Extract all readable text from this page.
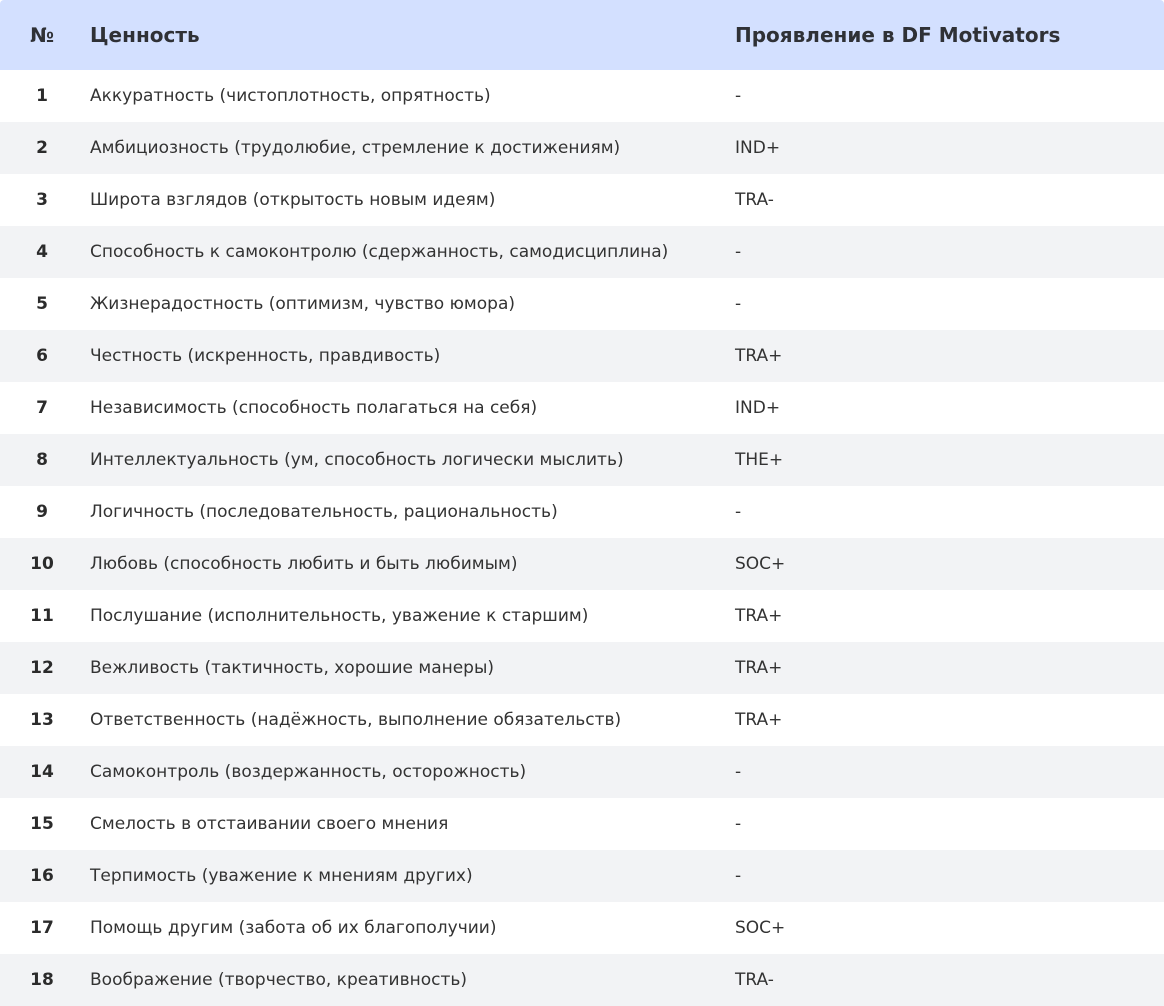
№	Ценность	Проявление в DF Motivators
1	Аккуратность (чистоплотность, опрятность)	-
2	Амбициозность (трудолюбие, стремление к достижениям)	IND+
3	Широта взглядов (открытость новым идеям)	TRA-
4	Способность к самоконтролю (сдержанность, самодисциплина)	-
5	Жизнерадостность (оптимизм, чувство юмора)	-
6	Честность (искренность, правдивость)	TRA+
7	Независимость (способность полагаться на себя)	IND+
8	Интеллектуальность (ум, способность логически мыслить)	THE+
9	Логичность (последовательность, рациональность)	-
10	Любовь (способность любить и быть любимым)	SOC+
11	Послушание (исполнительность, уважение к старшим)	TRA+
12	Вежливость (тактичность, хорошие манеры)	TRA+
13	Ответственность (надёжность, выполнение обязательств)	TRA+
14	Самоконтроль (воздержанность, осторожность)	-
15	Смелость в отстаивании своего мнения	-
16	Терпимость (уважение к мнениям других)	-
17	Помощь другим (забота об их благополучии)	SOC+
18	Воображение (творчество, креативность)	TRA-
